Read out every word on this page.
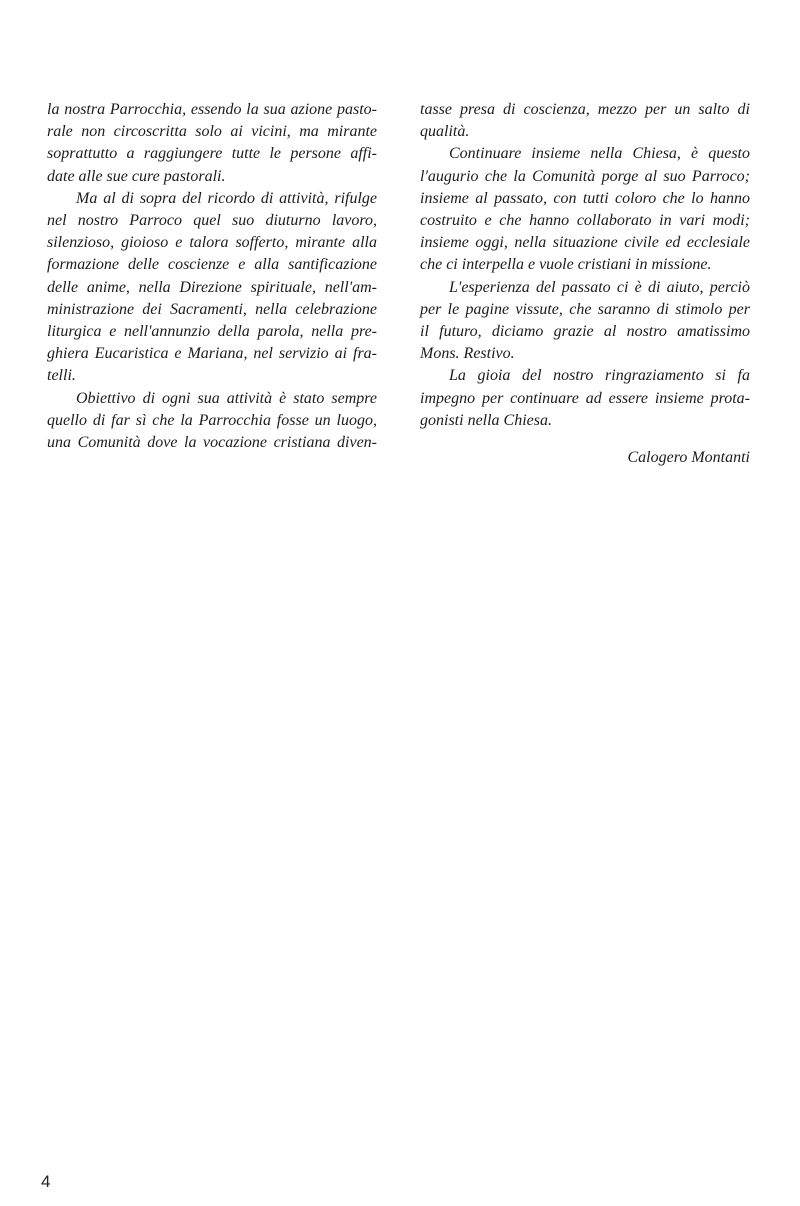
la nostra Parrocchia, essendo la sua azione pasto-
rale non circoscritta solo ai vicini, ma mirante
soprattutto a raggiungere tutte le persone affi-
date alle sue cure pastorali.
Ma al di sopra del ricordo di attività, rifulge
nel nostro Parroco quel suo diuturno lavoro,
silenzioso, gioioso e talora sofferto, mirante alla
formazione delle coscienze e alla santificazione
delle anime, nella Direzione spirituale, nell'am-
ministrazione dei Sacramenti, nella celebrazione
liturgica e nell'annunzio della parola, nella pre-
ghiera Eucaristica e Mariana, nel servizio ai fra-
telli.
Obiettivo di ogni sua attività è stato sempre
quello di far sì che la Parrocchia fosse un luogo,
una Comunità dove la vocazione cristiana diven-
tasse presa di coscienza, mezzo per un salto di
qualità.
Continuare insieme nella Chiesa, è questo
l'augurio che la Comunità porge al suo Parroco;
insieme al passato, con tutti coloro che lo hanno
costruito e che hanno collaborato in vari modi;
insieme oggi, nella situazione civile ed ecclesiale
che ci interpella e vuole cristiani in missione.
L'esperienza del passato ci è di aiuto, perciò
per le pagine vissute, che saranno di stimolo per
il futuro, diciamo grazie al nostro amatissimo
Mons. Restivo.
La gioia del nostro ringraziamento si fa
impegno per continuare ad essere insieme prota-
gonisti nella Chiesa.
Calogero Montanti
4
